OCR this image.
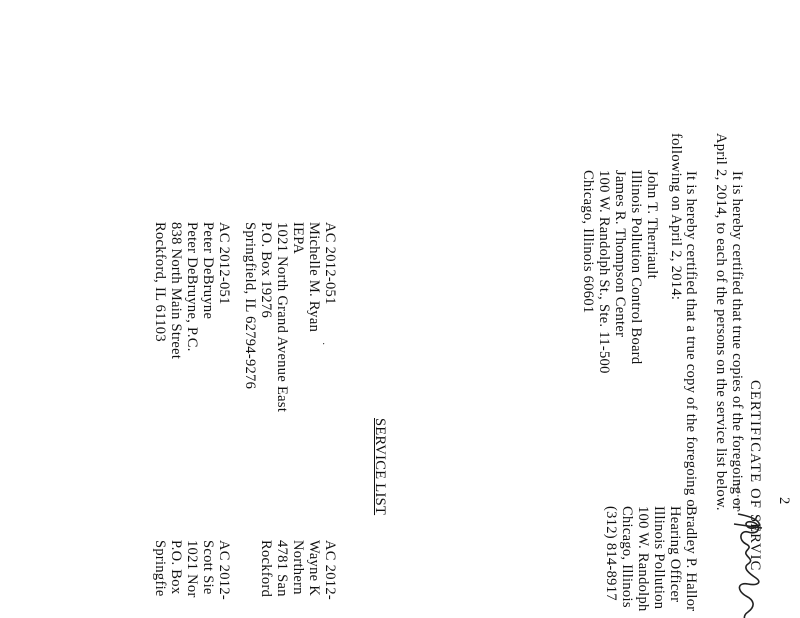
2
CERTIFICATE OF SERVIC
It is hereby certified that true copies of the foregoing or
April 2, 2014, to each of the persons on the service list below.
It is hereby certified that a true copy of the foregoing o
following on April 2, 2014:
John T. Therriault
Illinois Pollution Control Board
James R. Thompson Center
100 W. Randolph St., Ste. 11-500
Chicago, Illinois 60601
SERVICE LIST
·
AC 2012-051
Michelle M. Ryan
IEPA
1021 North Grand Avenue East
P.O. Box 19276
Springfield, IL 62794-9276
AC 2012-051
Peter DeBruyne
Peter DeBruyne, P.C.
838 North Main Street
Rockford, IL 61103
Bradley P. Hallor
Hearing Officer
Illinois Pollution
100 W. Randolph
Chicago, Illinois
(312) 814-8917
AC 2012-
Wayne K
Northern
4781 San
Rockford
AC 2012-
Scott Sie
1021 Nor
P.O. Box
Springfie
